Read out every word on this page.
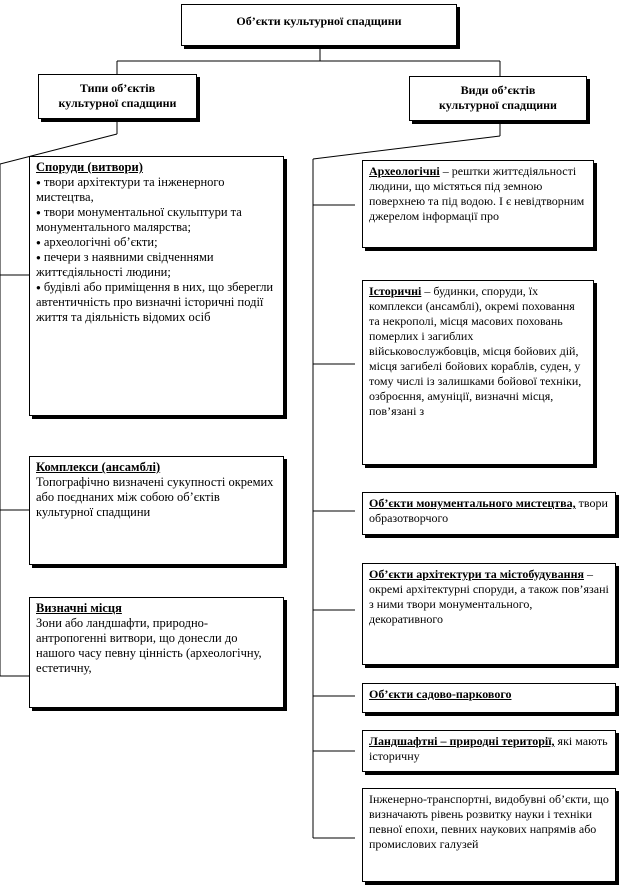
Об’єкти культурної спадщини
Типи об’єктів
культурної спадщини
Види об’єктів
культурної спадщини
Споруди (витвори)
● твори архітектури та інженерного мистецтва,
● твори монументальної скульптури та монументального малярства;
● археологічні об’єкти;
● печери з наявними свідченнями життєдіяльності людини;
● будівлі або приміщення в них, що зберегли автентичність про визначні історичні події життя та діяльність відомих осіб
Комплекси (ансамблі)
Топографічно визначені сукупності окремих або поєднаних між собою об’єктів культурної спадщини
Визначні місця
Зони або ландшафти, природно-антропогенні витвори, що донесли до нашого часу певну цінність (археологічну, естетичну,
Археологічні – рештки життєдіяльності людини, що містяться під земною поверхнею та під водою. І є невідтворним джерелом інформації про
Історичні – будинки, споруди, їх комплекси (ансамблі), окремі поховання та некрополі, місця масових поховань померлих і загиблих військовослужбовців, місця бойових дій, місця загибелі бойових кораблів, суден, у тому числі із залишками бойової техніки, озброєння, амуніції, визначні місця, пов’язані з
Об’єкти монументального мистецтва, твори образотворчого
Об’єкти архітектури та містобудування – окремі архітектурні споруди, а також пов’язані з ними твори монументального, декоративного
Об’єкти садово-паркового
Ландшафтні – природні території, які мають історичну
Інженерно-транспортні, видобувні об’єкти, що визначають рівень розвитку науки і техніки певної епохи, певних наукових напрямів або промислових галузей
